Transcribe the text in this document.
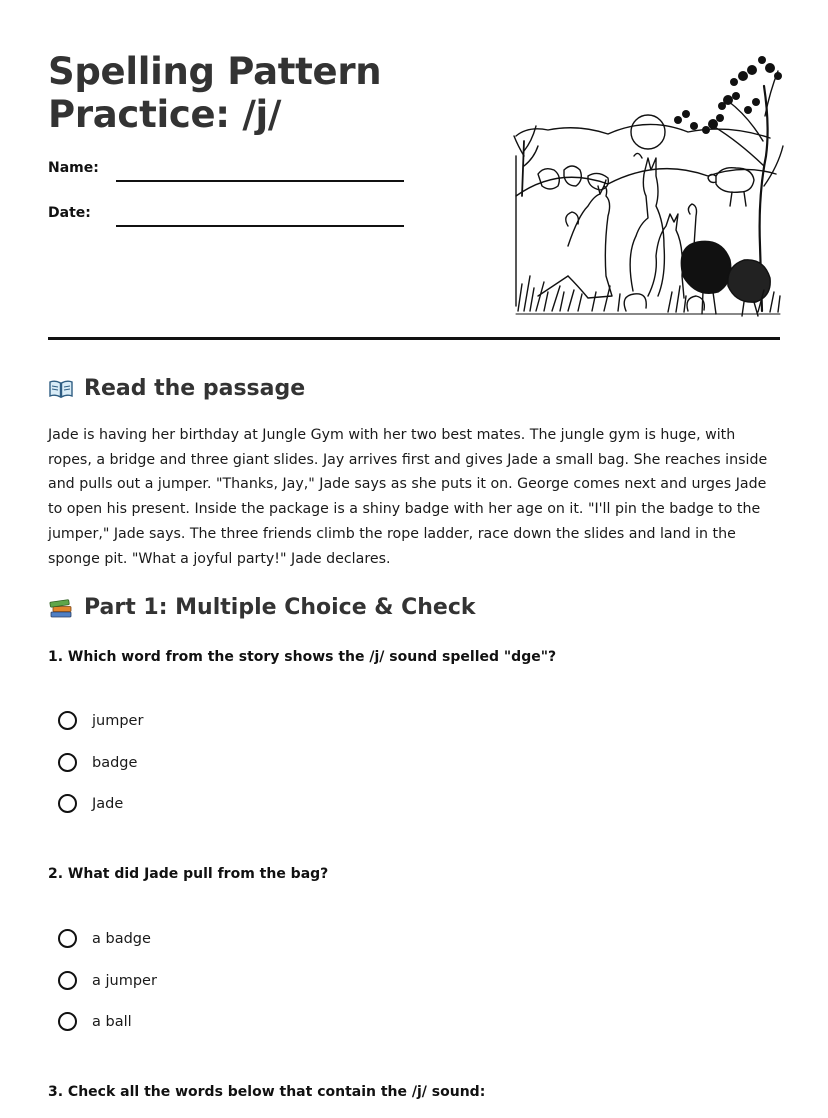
Spelling Pattern
Practice: /j/
Name:
Date:
Read the passage

Jade is having her birthday at Jungle Gym with her two best mates. The jungle gym is huge, with ropes, a bridge and three giant slides. Jay arrives first and gives Jade a small bag. She reaches inside and pulls out a jumper. "Thanks, Jay," Jade says as she puts it on. George comes next and urges Jade to open his present. Inside the package is a shiny badge with her age on it. "I'll pin the badge to the jumper," Jade says. The three friends climb the rope ladder, race down the slides and land in the sponge pit. "What a joyful party!" Jade declares.

Part 1: Multiple Choice & Check

1. Which word from the story shows the /j/ sound spelled "dge"?

jumper
badge
Jade

2. What did Jade pull from the bag?

a badge
a jumper
a ball

3. Check all the words below that contain the /j/ sound:
